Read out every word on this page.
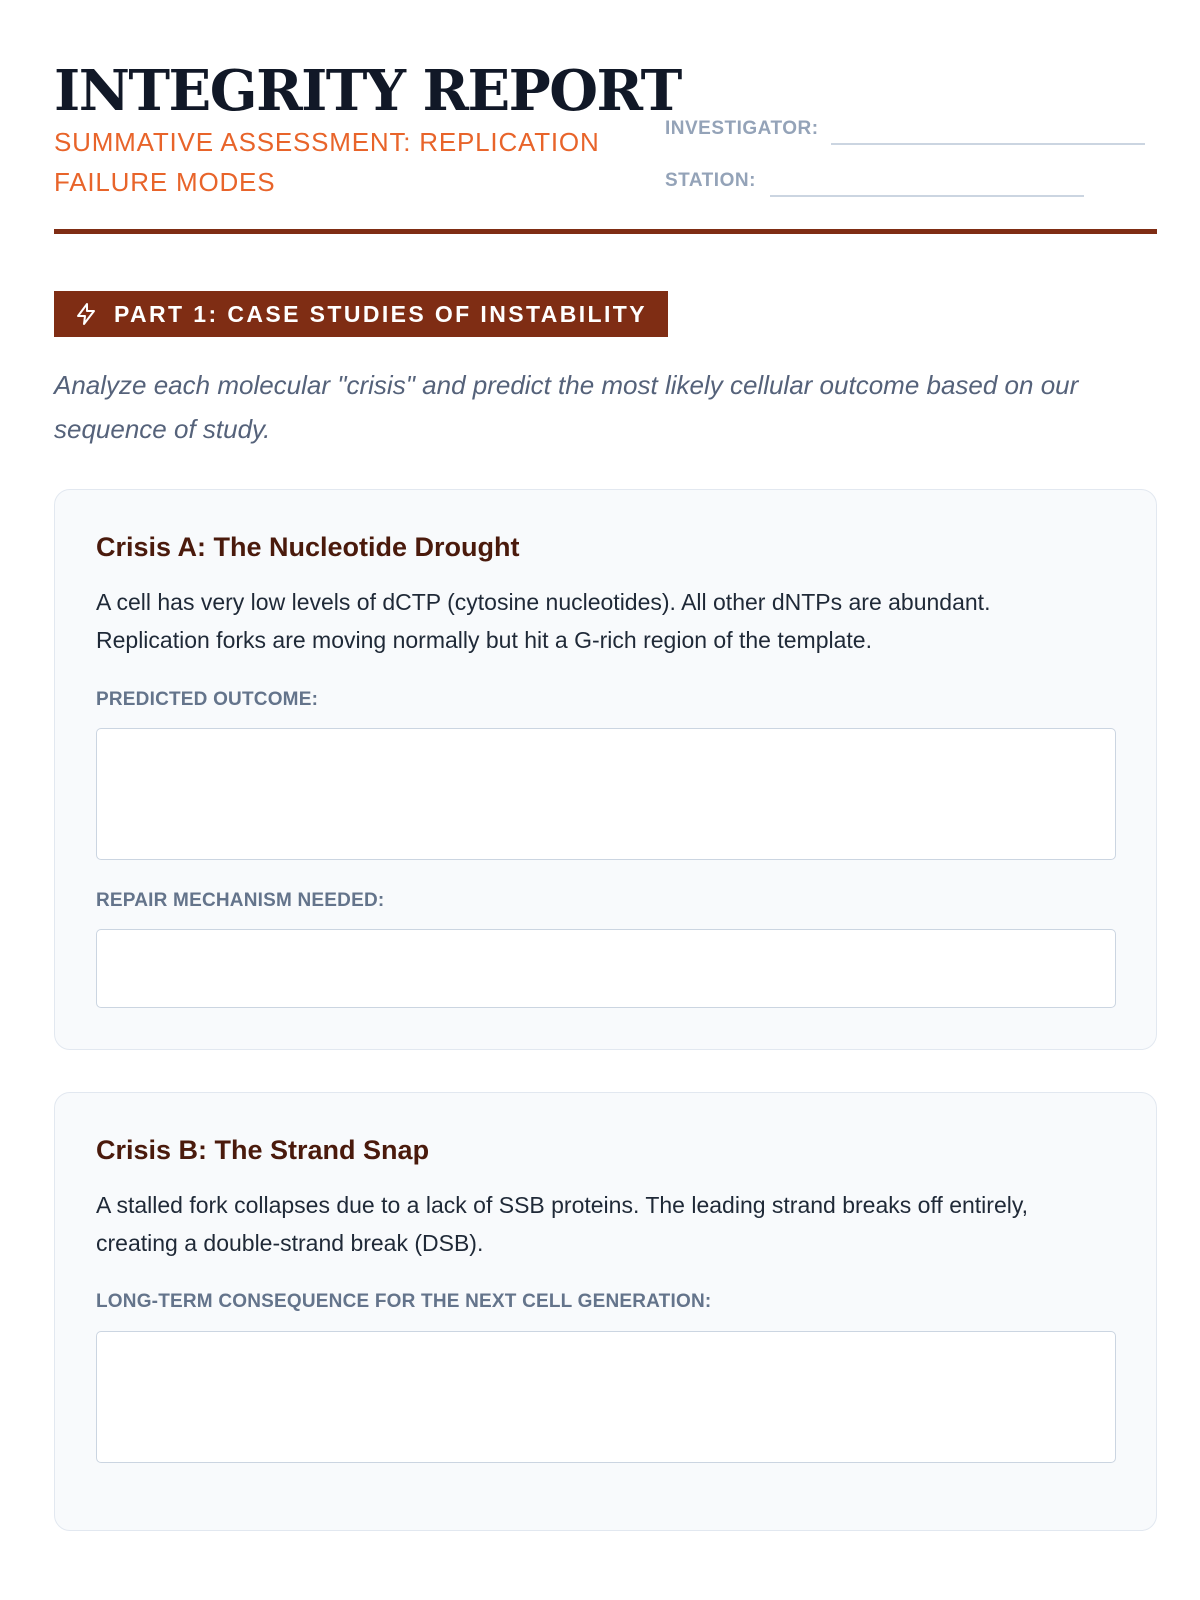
INTEGRITY REPORT
SUMMATIVE ASSESSMENT: REPLICATION FAILURE MODES
INVESTIGATOR:
STATION:
PART 1: CASE STUDIES OF INSTABILITY
Analyze each molecular "crisis" and predict the most likely cellular outcome based on our sequence of study.
Crisis A: The Nucleotide Drought
A cell has very low levels of dCTP (cytosine nucleotides). All other dNTPs are abundant. Replication forks are moving normally but hit a G-rich region of the template.
PREDICTED OUTCOME:
REPAIR MECHANISM NEEDED:
Crisis B: The Strand Snap
A stalled fork collapses due to a lack of SSB proteins. The leading strand breaks off entirely, creating a double-strand break (DSB).
LONG-TERM CONSEQUENCE FOR THE NEXT CELL GENERATION:
